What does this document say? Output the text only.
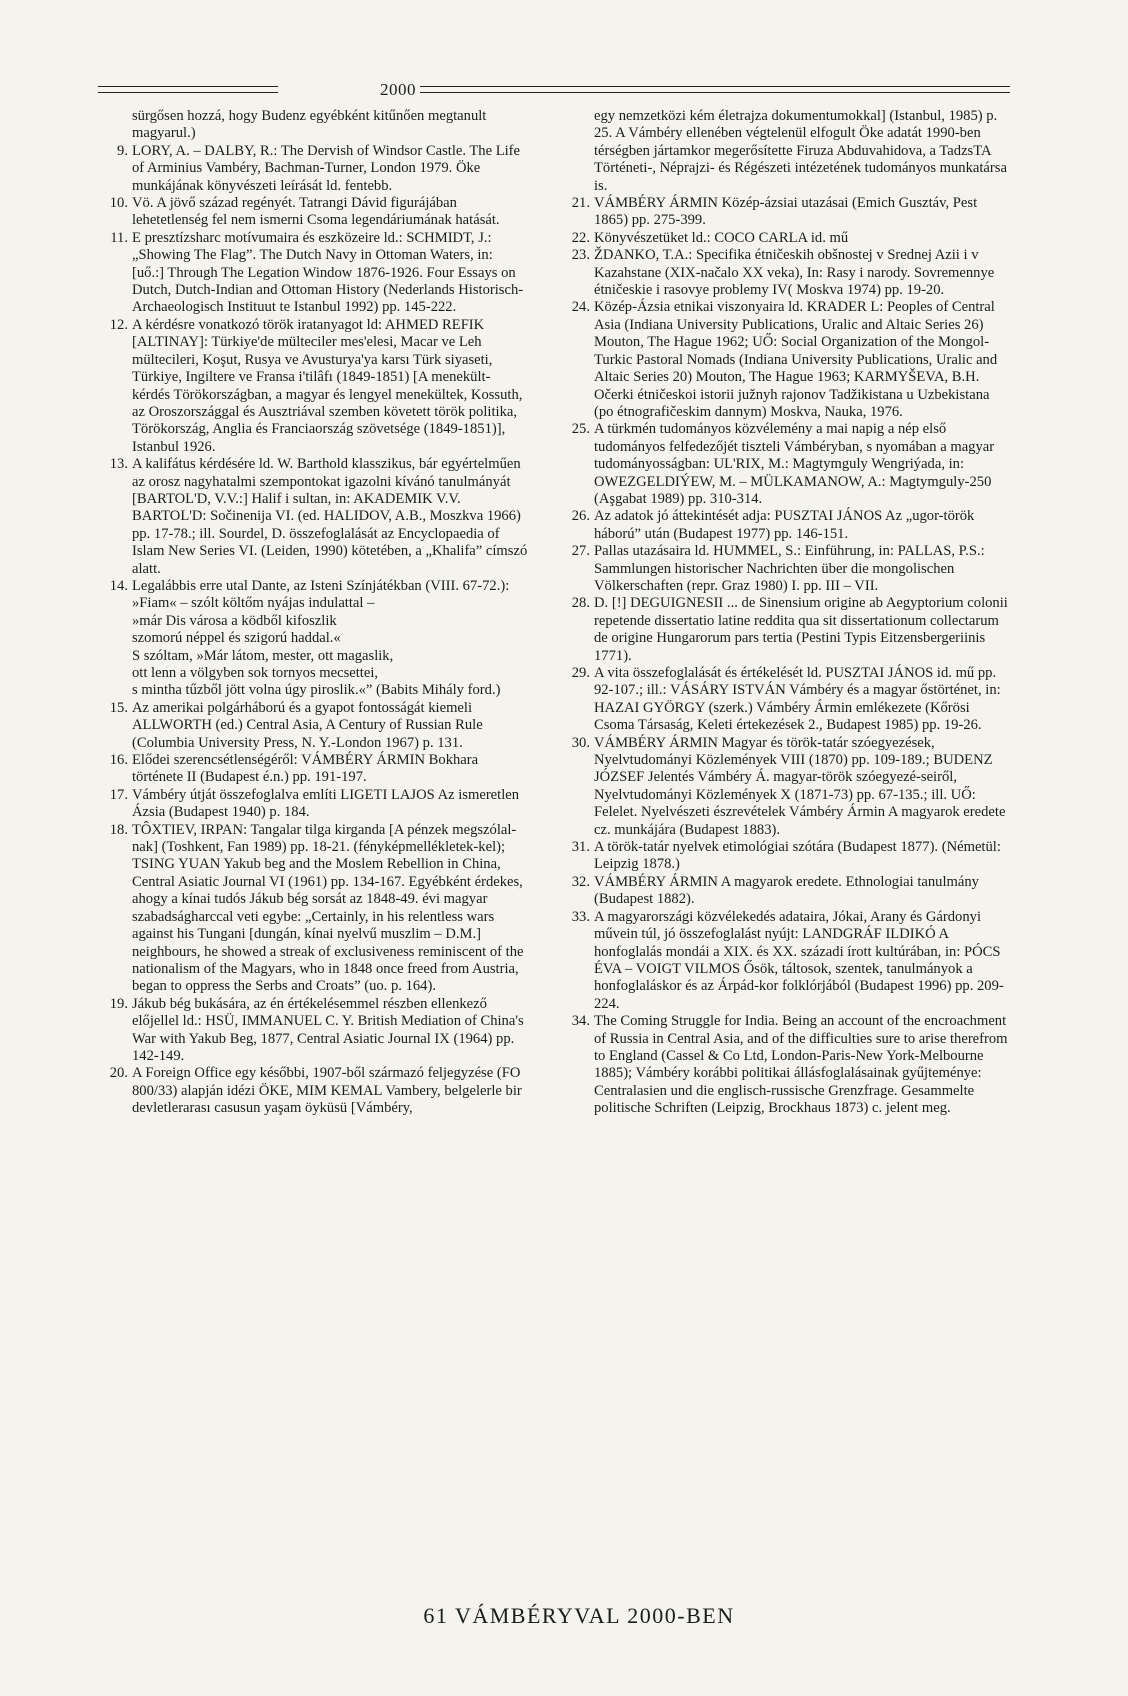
2000
sürgősen hozzá, hogy Budenz egyébként kitűnően megtanult magyarul.)
9. LORY, A. – DALBY, R.: The Dervish of Windsor Castle. The Life of Arminius Vambéry, Bachman-Turner, London 1979. Öke munkájának könyvészeti leírását ld. fentebb.
10. Vö. A jövő század regényét. Tatrangi Dávid figurájában lehetetlenség fel nem ismerni Csoma legendáriumának hatását.
11. E presztízsharc motívumaira és eszközeire ld.: SCHMIDT, J.: „Showing The Flag”. The Dutch Navy in Ottoman Waters, in: [uő.:] Through The Legation Window 1876-1926. Four Essays on Dutch, Dutch-Indian and Ottoman History (Nederlands Historisch-Archaeologisch Instituut te Istanbul 1992) pp. 145-222.
12. A kérdésre vonatkozó török iratanyagot ld: AHMED REFIK [ALTINAY]: Türkiye'de mülteciler mes'elesi, Macar ve Leh mültecileri, Koşut, Rusya ve Avusturya'ya karsı Türk siyaseti, Türkiye, Ingiltere ve Fransa i'tilâfı (1849-1851) [A menekült-kérdés Törökországban, a magyar és lengyel menekültek, Kossuth, az Oroszországgal és Ausztriával szemben követett török politika, Törökország, Anglia és Franciaország szövetsége (1849-1851)], Istanbul 1926.
13. A kalifátus kérdésére ld. W. Barthold klasszikus, bár egyértelműen az orosz nagyhatalmi szempontokat igazolni kívánó tanulmányát [BARTOL'D, V.V.:] Halif i sultan, in: AKADEMIK V.V. BARTOL'D: Sočinenija VI. (ed. HALIDOV, A.B., Moszkva 1966) pp. 17-78.; ill. Sourdel, D. összefoglalását az Encyclopaedia of Islam New Series VI. (Leiden, 1990) kötetében, a „Khalifa” címszó alatt.
14. Legalábbis erre utal Dante, az Isteni Színjátékban (VIII. 67-72.):
»Fiam« – szólt költőm nyájas indulattal –
»már Dis városa a ködből kifoszlik
szomorú néppel és szigorú haddal.«
S szóltam, »Már látom, mester, ott magaslik,
ott lenn a völgyben sok tornyos mecsettei,
s mintha tűzből jött volna úgy piroslik.«” (Babits Mihály ford.)
15. Az amerikai polgárháború és a gyapot fontosságát kiemeli ALLWORTH (ed.) Central Asia, A Century of Russian Rule (Columbia University Press, N. Y.-London 1967) p. 131.
16. Elődei szerencsétlenségéről: VÁMBÉRY ÁRMIN Bokhara története II (Budapest é.n.) pp. 191-197.
17. Vámbéry útját összefoglalva említi LIGETI LAJOS Az ismeretlen Ázsia (Budapest 1940) p. 184.
18. TÔXTIEV, IRPAN: Tangalar tilga kirganda [A pénzek megszólal-nak] (Toshkent, Fan 1989) pp. 18-21. (fényképmellékletek-kel); TSING YUAN Yakub beg and the Moslem Rebellion in China, Central Asiatic Journal VI (1961) pp. 134-167. Egyébként érdekes, ahogy a kínai tudós Jákub bég sorsát az 1848-49. évi magyar szabadságharccal veti egybe: „Certainly, in his relentless wars against his Tungani [dungán, kínai nyelvű muszlim – D.M.] neighbours, he showed a streak of exclusiveness reminiscent of the nationalism of the Magyars, who in 1848 once freed from Austria, began to oppress the Serbs and Croats” (uo. p. 164).
19. Jákub bég bukására, az én értékelésemmel részben ellenkező előjellel ld.: HSÜ, IMMANUEL C. Y. British Mediation of China's War with Yakub Beg, 1877, Central Asiatic Journal IX (1964) pp. 142-149.
20. A Foreign Office egy későbbi, 1907-ből származó feljegyzése (FO 800/33) alapján idézi ÖKE, MIM KEMAL Vambery, belgelerle bir devletlerarası casusun yaşam öyküsü [Vámbéry,
egy nemzetközi kém életrajza dokumentumokkal] (Istanbul, 1985) p. 25. A Vámbéry ellenében végtelenül elfogult Öke adatát 1990-ben térségben jártamkor megerősítette Firuza Abduvahidova, a TadzsTA Történeti-, Néprajzi- és Régészeti intézetének tudományos munkatársa is.
21. VÁMBÉRY ÁRMIN Közép-ázsiai utazásai (Emich Gusztáv, Pest 1865) pp. 275-399.
22. Könyvészetüket ld.: COCO CARLA id. mű
23. ŽDANKO, T.A.: Specifika étničeskih obšnostej v Srednej Azii i v Kazahstane (XIX-načalo XX veka), In: Rasy i narody. Sovremennye étničeskie i rasovye problemy IV( Moskva 1974) pp. 19-20.
24. Közép-Ázsia etnikai viszonyaira ld. KRADER L: Peoples of Central Asia (Indiana University Publications, Uralic and Altaic Series 26) Mouton, The Hague 1962; UŐ: Social Organization of the Mongol-Turkic Pastoral Nomads (Indiana University Publications, Uralic and Altaic Series 20) Mouton, The Hague 1963; KARMYŠEVA, B.H. Očerki étničeskoi istorii južnyh rajonov Tadžikistana u Uzbekistana (po étnografičeskim dannym) Moskva, Nauka, 1976.
25. A türkmén tudományos közvélemény a mai napig a nép első tudományos felfedezőjét tiszteli Vámbéryban, s nyomában a magyar tudományosságban: UL'RIX, M.: Magtymguly Wengriýada, in: OWEZGELDIÝEW, M. – MÜLKAMANOW, A.: Magtymguly-250 (Aşgabat 1989) pp. 310-314.
26. Az adatok jó áttekintését adja: PUSZTAI JÁNOS Az „ugor-török háború” után (Budapest 1977) pp. 146-151.
27. Pallas utazásaira ld. HUMMEL, S.: Einführung, in: PALLAS, P.S.: Sammlungen historischer Nachrichten über die mongolischen Völkerschaften (repr. Graz 1980) I. pp. III – VII.
28. D. [!] DEGUIGNESII ... de Sinensium origine ab Aegyptorium colonii repetende dissertatio latine reddita qua sit dissertationum collectarum de origine Hungarorum pars tertia (Pestini Typis Eitzensbergeriinis 1771).
29. A vita összefoglalását és értékelését ld. PUSZTAI JÁNOS id. mű pp. 92-107.; ill.: VÁSÁRY ISTVÁN Vámbéry és a magyar őstörténet, in: HAZAI GYÖRGY (szerk.) Vámbéry Ármin emlékezete (Kőrösi Csoma Társaság, Keleti értekezések 2., Budapest 1985) pp. 19-26.
30. VÁMBÉRY ÁRMIN Magyar és török-tatár szóegyezések, Nyelvtudományi Közlemények VIII (1870) pp. 109-189.; BUDENZ JÓZSEF Jelentés Vámbéry Á. magyar-török szóegyezé-seiről, Nyelvtudományi Közlemények X (1871-73) pp. 67-135.; ill. UŐ: Felelet. Nyelvészeti észrevételek Vámbéry Ármin A magyarok eredete cz. munkájára (Budapest 1883).
31. A török-tatár nyelvek etimológiai szótára (Budapest 1877). (Németül: Leipzig 1878.)
32. VÁMBÉRY ÁRMIN A magyarok eredete. Ethnologiai tanulmány (Budapest 1882).
33. A magyarországi közvélekedés adataira, Jókai, Arany és Gárdonyi művein túl, jó összefoglalást nyújt: LANDGRÁF ILDIKÓ A honfoglalás mondái a XIX. és XX. századi írott kultúrában, in: PÓCS ÉVA – VOIGT VILMOS Ősök, táltosok, szentek, tanulmányok a honfoglaláskor és az Árpád-kor folklórjából (Budapest 1996) pp. 209-224.
34. The Coming Struggle for India. Being an account of the encroachment of Russia in Central Asia, and of the difficulties sure to arise therefrom to England (Cassel & Co Ltd, London-Paris-New York-Melbourne 1885); Vámbéry korábbi politikai állásfoglalásainak gyűjteménye: Centralasien und die englisch-russische Grenzfrage. Gesammelte politische Schriften (Leipzig, Brockhaus 1873) c. jelent meg.
61 VÁMBÉRYVAL 2000-BEN
